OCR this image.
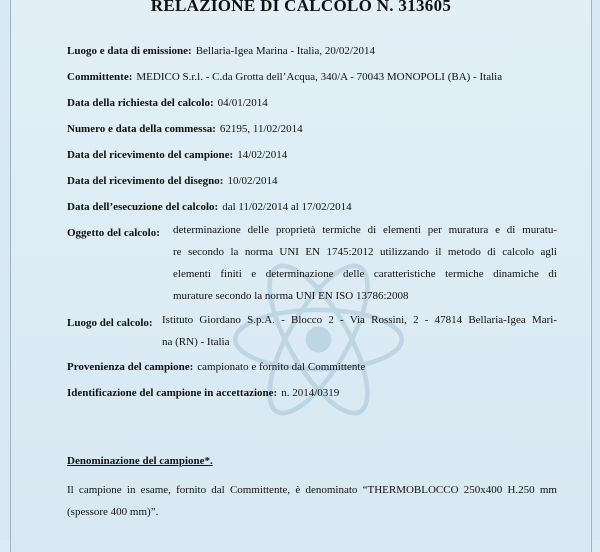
RELAZIONE DI CALCOLO N. 313605
Luogo e data di emissione: Bellaria-Igea Marina - Italia, 20/02/2014
Committente: MEDICO S.r.l. - C.da Grotta dell’Acqua, 340/A - 70043 MONOPOLI (BA) - Italia
Data della richiesta del calcolo: 04/01/2014
Numero e data della commessa: 62195, 11/02/2014
Data del ricevimento del campione: 14/02/2014
Data del ricevimento del disegno: 10/02/2014
Data dell’esecuzione del calcolo: dal 11/02/2014 al 17/02/2014
Oggetto del calcolo: determinazione delle proprietà termiche di elementi per muratura e di muratu-
re secondo la norma UNI EN 1745:2012 utilizzando il metodo di calcolo agli
elementi finiti e determinazione delle caratteristiche termiche dinamiche di
murature secondo la norma UNI EN ISO 13786:2008
Luogo del calcolo: Istituto Giordano S.p.A. - Blocco 2 - Via Rossini, 2 - 47814 Bellaria-Igea Mari-
na (RN) - Italia
Provenienza del campione: campionato e fornito dal Committente
Identificazione del campione in accettazione: n. 2014/0319
Denominazione del campione*.
Il campione in esame, fornito dal Committente, è denominato “THERMOBLOCCO 250x400 H.250 mm
(spessore 400 mm)”.
